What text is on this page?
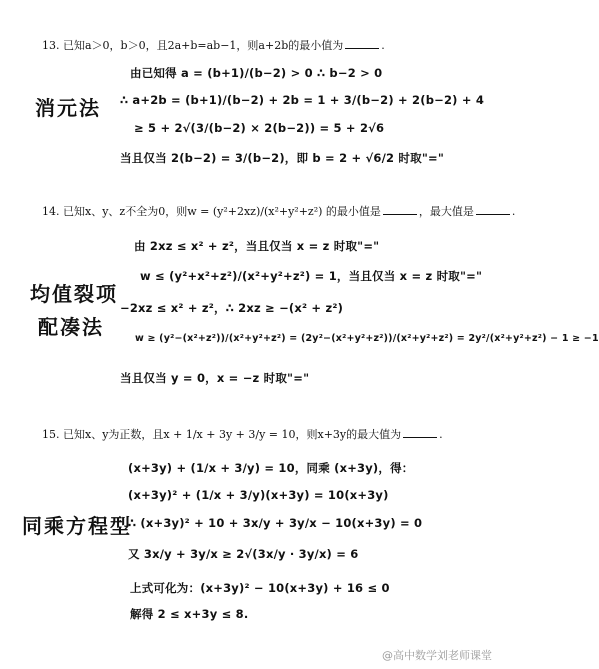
13. 已知a＞0，b＞0，且2a+b=ab−1，则a+2b的最小值为	.
消元法
由已知得 a = (b+1)/(b−2) > 0 ∴ b−2 > 0
∴ a+2b = (b+1)/(b−2) + 2b = 1 + 3/(b−2) + 2(b−2) + 4
≥ 5 + 2√(3/(b−2) × 2(b−2)) = 5 + 2√6
当且仅当 2(b−2) = 3/(b−2)，即 b = 2 + √6/2 时取"="
14. 已知x、y、z不全为0，则w = (y²+2xz)/(x²+y²+z²) 的最小值是	，最大值是	.
均值裂项
配凑法
由 2xz ≤ x² + z²，当且仅当 x = z 时取"="
w ≤ (y²+x²+z²)/(x²+y²+z²) = 1，当且仅当 x = z 时取"="
−2xz ≤ x² + z²，∴ 2xz ≥ −(x² + z²)
w ≥ (y²−(x²+z²))/(x²+y²+z²) = (2y²−(x²+y²+z²))/(x²+y²+z²) = 2y²/(x²+y²+z²) − 1 ≥ −1
当且仅当 y = 0，x = −z 时取"="
15. 已知x、y为正数，且x + 1/x + 3y + 3/y = 10，则x+3y的最大值为	.
同乘方程型
(x+3y) + (1/x + 3/y) = 10，同乘 (x+3y)，得：
(x+3y)² + (1/x + 3/y)(x+3y) = 10(x+3y)
∴ (x+3y)² + 10 + 3x/y + 3y/x − 10(x+3y) = 0
又 3x/y + 3y/x ≥ 2√(3x/y · 3y/x) = 6
上式可化为：(x+3y)² − 10(x+3y) + 16 ≤ 0
解得 2 ≤ x+3y ≤ 8.
@高中数学刘老师课堂
